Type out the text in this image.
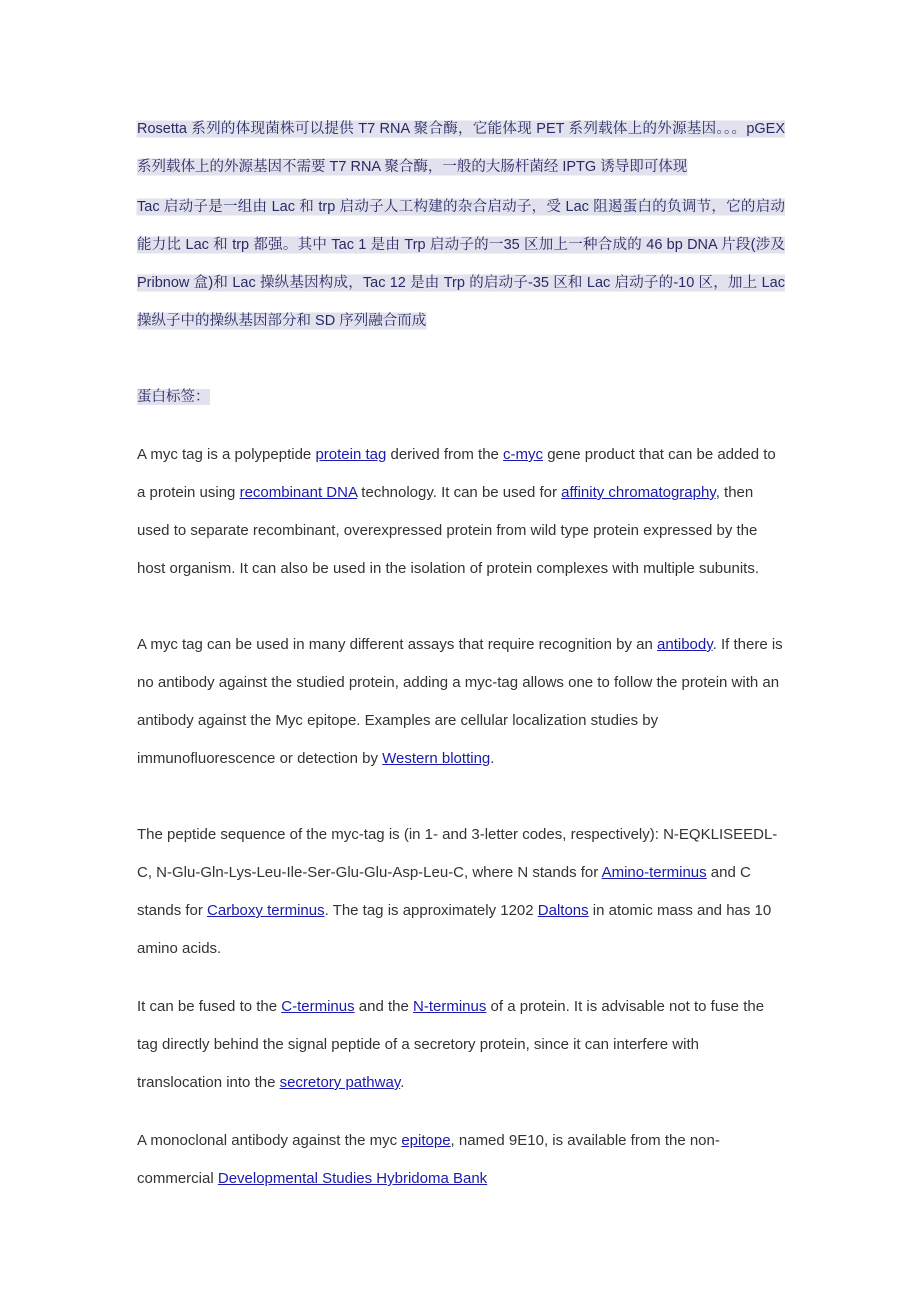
Rosetta 系列的体现菌株可以提供 T7 RNA 聚合酶，它能体现 PET 系列载体上的外源基因。。。pGEX 系列载体上的外源基因不需要 T7 RNA 聚合酶，一般的大肠杆菌经 IPTG 诱导即可体现

Tac 启动子是一组由 Lac 和 trp 启动子人工构建的杂合启动子，受 Lac 阻遏蛋白的负调节，它的启动能力比 Lac 和 trp 都强。其中 Tac 1 是由 Trp 启动子的一35 区加上一种合成的 46 bp DNA 片段(涉及 Pribnow 盒)和 Lac 操纵基因构成，Tac 12 是由 Trp 的启动子-35 区和 Lac 启动子的-10 区，加上 Lac 操纵子中的操纵基因部分和 SD 序列融合而成

蛋白标签：

A myc tag is a polypeptide protein tag derived from the c-myc gene product that can be added to a protein using recombinant DNA technology. It can be used for affinity chromatography, then used to separate recombinant, overexpressed protein from wild type protein expressed by the host organism. It can also be used in the isolation of protein complexes with multiple subunits.

A myc tag can be used in many different assays that require recognition by an antibody. If there is no antibody against the studied protein, adding a myc-tag allows one to follow the protein with an antibody against the Myc epitope. Examples are cellular localization studies by immunofluorescence or detection by Western blotting.

The peptide sequence of the myc-tag is (in 1- and 3-letter codes, respectively): N-EQKLISEEDL-C, N-Glu-Gln-Lys-Leu-Ile-Ser-Glu-Glu-Asp-Leu-C, where N stands for Amino-terminus and C stands for Carboxy terminus. The tag is approximately 1202 Daltons in atomic mass and has 10 amino acids.

It can be fused to the C-terminus and the N-terminus of a protein. It is advisable not to fuse the tag directly behind the signal peptide of a secretory protein, since it can interfere with translocation into the secretory pathway.

A monoclonal antibody against the myc epitope, named 9E10, is available from the non-commercial Developmental Studies Hybridoma Bank
